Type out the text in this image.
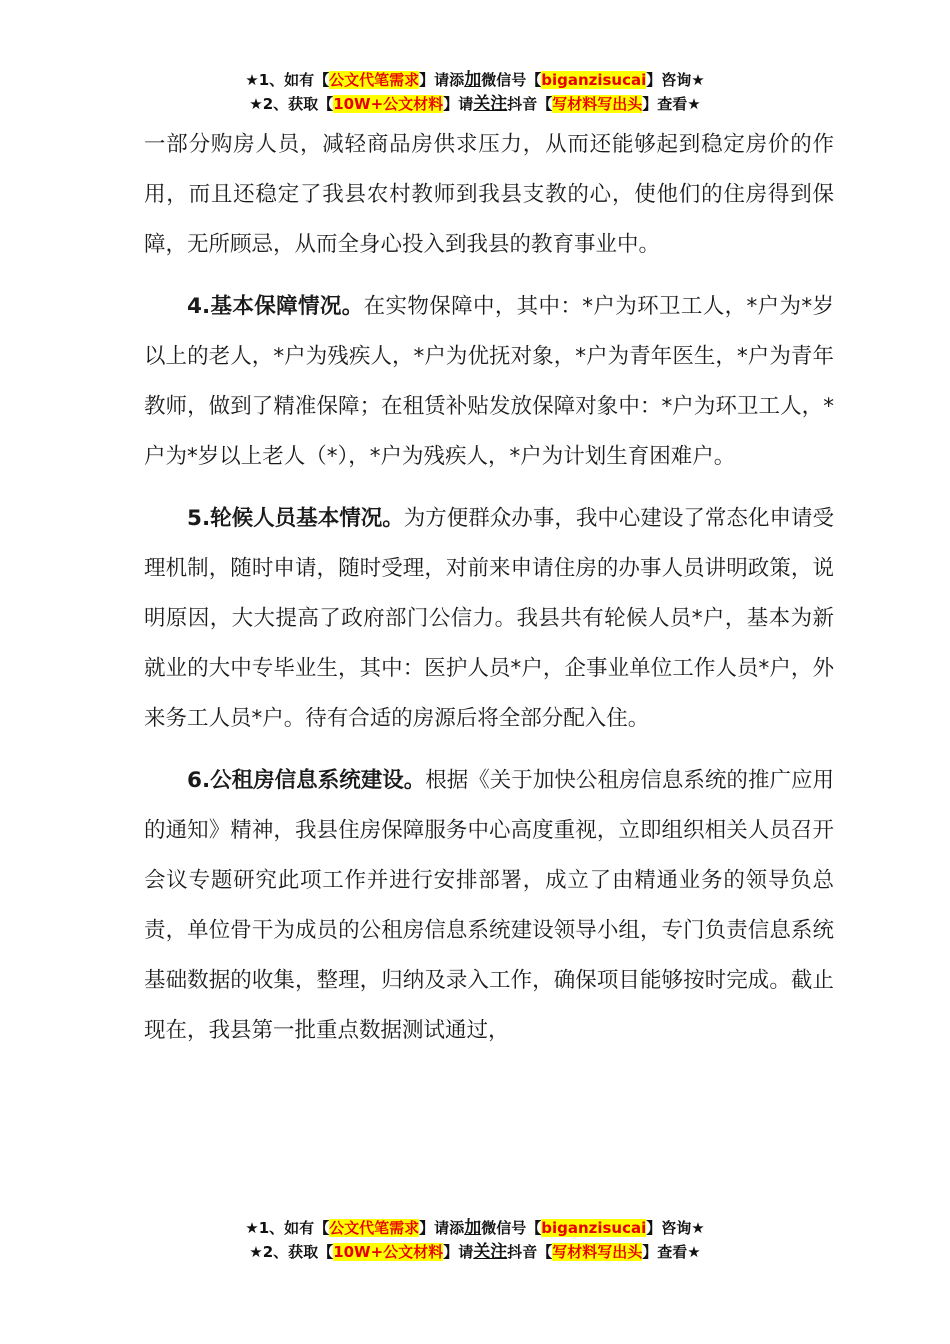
★1、如有【公文代笔需求】请添加微信号【biganzisucai】咨询★
★2、获取【10W+公文材料】请关注抖音【写材料写出头】查看★

一部分购房人员，减轻商品房供求压力，从而还能够起到稳定房价的作用，而且还稳定了我县农村教师到我县支教的心，使他们的住房得到保障，无所顾忌，从而全身心投入到我县的教育事业中。

4.基本保障情况。在实物保障中，其中：*户为环卫工人，*户为*岁以上的老人，*户为残疾人，*户为优抚对象，*户为青年医生，*户为青年教师，做到了精准保障；在租赁补贴发放保障对象中：*户为环卫工人，*户为*岁以上老人（*），*户为残疾人，*户为计划生育困难户。

5.轮候人员基本情况。为方便群众办事，我中心建设了常态化申请受理机制，随时申请，随时受理，对前来申请住房的办事人员讲明政策，说明原因，大大提高了政府部门公信力。我县共有轮候人员*户，基本为新就业的大中专毕业生，其中：医护人员*户，企事业单位工作人员*户，外来务工人员*户。待有合适的房源后将全部分配入住。

6.公租房信息系统建设。根据《关于加快公租房信息系统的推广应用的通知》精神，我县住房保障服务中心高度重视，立即组织相关人员召开会议专题研究此项工作并进行安排部署，成立了由精通业务的领导负总责，单位骨干为成员的公租房信息系统建设领导小组，专门负责信息系统基础数据的收集，整理，归纳及录入工作，确保项目能够按时完成。截止现在，我县第一批重点数据测试通过，

★1、如有【公文代笔需求】请添加微信号【biganzisucai】咨询★
★2、获取【10W+公文材料】请关注抖音【写材料写出头】查看★
